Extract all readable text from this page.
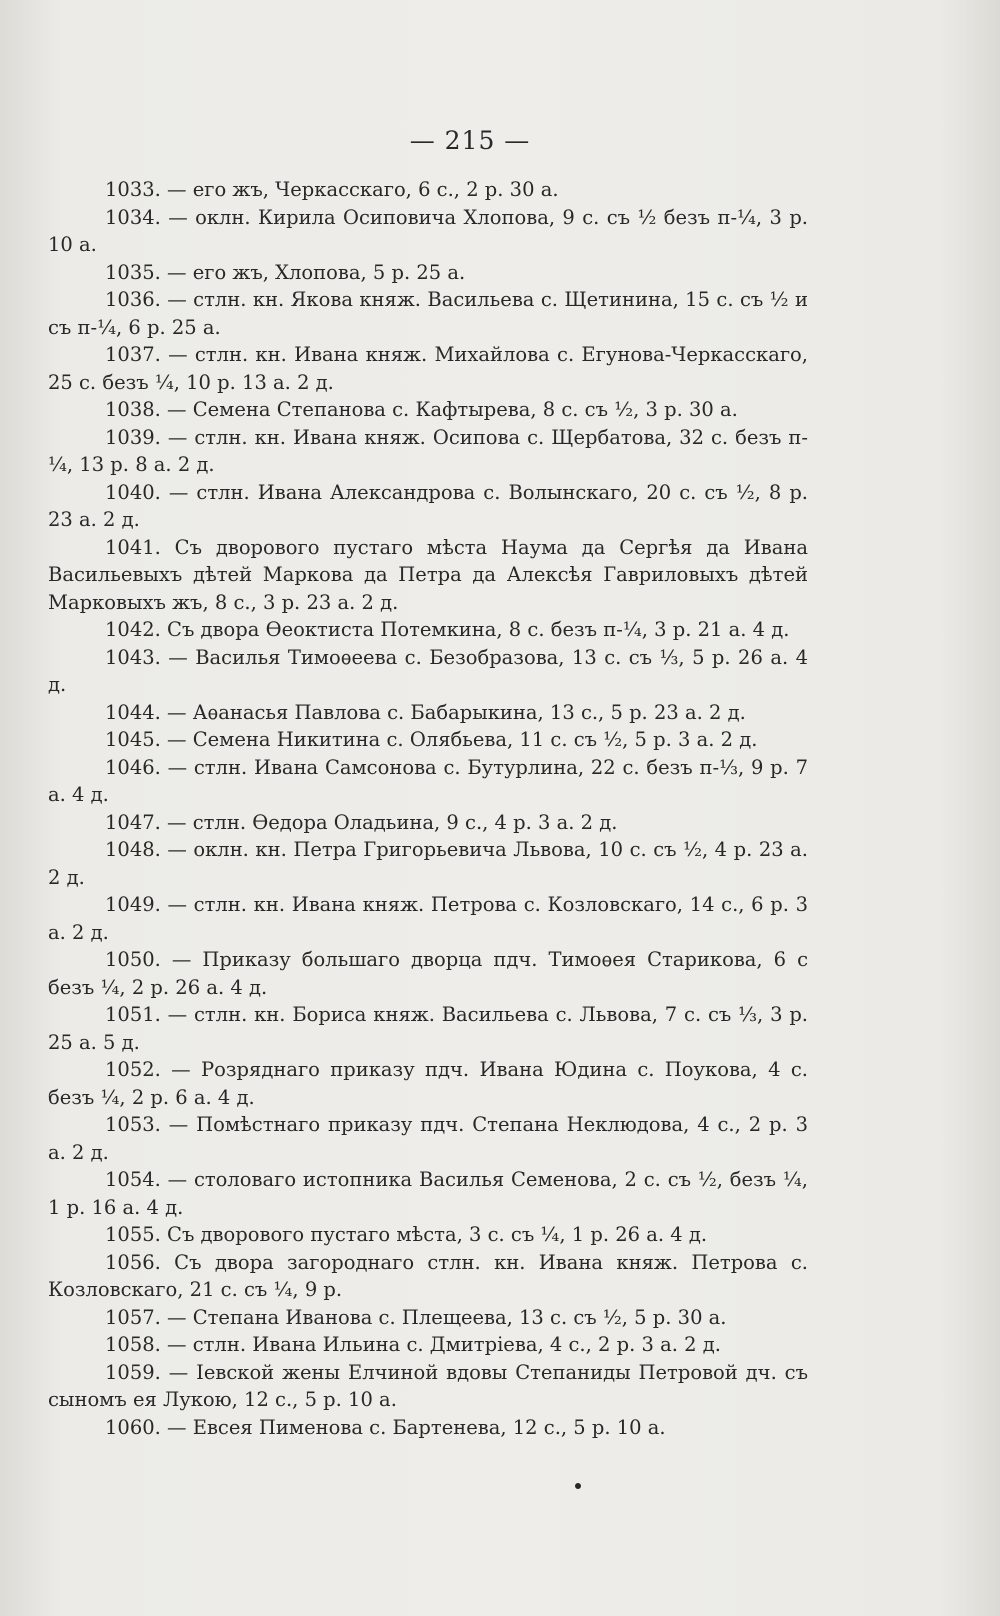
— 215 —

1033. — его жъ, Черкасскаго, 6 с., 2 р. 30 а.

1034. — оклн. Кирила Осиповича Хлопова, 9 с. съ ½ безъ п-¼, 3 р. 10 а.

1035. — его жъ, Хлопова, 5 р. 25 а.

1036. — стлн. кн. Якова княж. Васильева с. Щетинина, 15 с. съ ½ и съ п-¼, 6 р. 25 а.

1037. — стлн. кн. Ивана княж. Михайлова с. Егунова-Черкасскаго, 25 с. безъ ¼, 10 р. 13 а. 2 д.

1038. — Семена Степанова с. Кафтырева, 8 с. съ ½, 3 р. 30 а.

1039. — стлн. кн. Ивана княж. Осипова с. Щербатова, 32 с. безъ п-¼, 13 р. 8 а. 2 д.

1040. — стлн. Ивана Александрова с. Волынскаго, 20 с. съ ½, 8 р. 23 а. 2 д.

1041. Съ дворового пустаго мѣста Наума да Сергѣя да Ивана Васильевыхъ дѣтей Маркова да Петра да Алексѣя Гавриловыхъ дѣтей Марковыхъ жъ, 8 с., 3 р. 23 а. 2 д.

1042. Съ двора Ѳеоктиста Потемкина, 8 с. безъ п-¼, 3 р. 21 а. 4 д.

1043. — Василья Тимоѳеева с. Безобразова, 13 с. съ ⅓, 5 р. 26 а. 4 д.

1044. — Аѳанасья Павлова с. Бабарыкина, 13 с., 5 р. 23 а. 2 д.

1045. — Семена Никитина с. Олябьева, 11 с. съ ½, 5 р. 3 а. 2 д.

1046. — стлн. Ивана Самсонова с. Бутурлина, 22 с. безъ п-⅓, 9 р. 7 а. 4 д.

1047. — стлн. Ѳедора Оладьина, 9 с., 4 р. 3 а. 2 д.

1048. — оклн. кн. Петра Григорьевича Львова, 10 с. съ ½, 4 р. 23 а. 2 д.

1049. — стлн. кн. Ивана княж. Петрова с. Козловскаго, 14 с., 6 р. 3 а. 2 д.

1050. — Приказу большаго дворца пдч. Тимоѳея Старикова, 6 с безъ ¼, 2 р. 26 а. 4 д.

1051. — стлн. кн. Бориса княж. Васильева с. Львова, 7 с. съ ⅓, 3 р. 25 а. 5 д.

1052. — Розряднаго приказу пдч. Ивана Юдина с. Поукова, 4 с. безъ ¼, 2 р. 6 а. 4 д.

1053. — Помѣстнаго приказу пдч. Степана Неклюдова, 4 с., 2 р. 3 а. 2 д.

1054. — столоваго истопника Василья Семенова, 2 с. съ ½, безъ ¼, 1 р. 16 а. 4 д.

1055. Съ дворового пустаго мѣста, 3 с. съ ¼, 1 р. 26 а. 4 д.

1056. Съ двора загороднаго стлн. кн. Ивана княж. Петрова с. Козловскаго, 21 с. съ ¼, 9 р.

1057. — Степана Иванова с. Плещеева, 13 с. съ ½, 5 р. 30 а.

1058. — стлн. Ивана Ильина с. Дмитріева, 4 с., 2 р. 3 а. 2 д.

1059. — Іевской жены Елчиной вдовы Степаниды Петровой дч. съ сыномъ ея Лукою, 12 с., 5 р. 10 а.

1060. — Евсея Пименова с. Бартенева, 12 с., 5 р. 10 а.
